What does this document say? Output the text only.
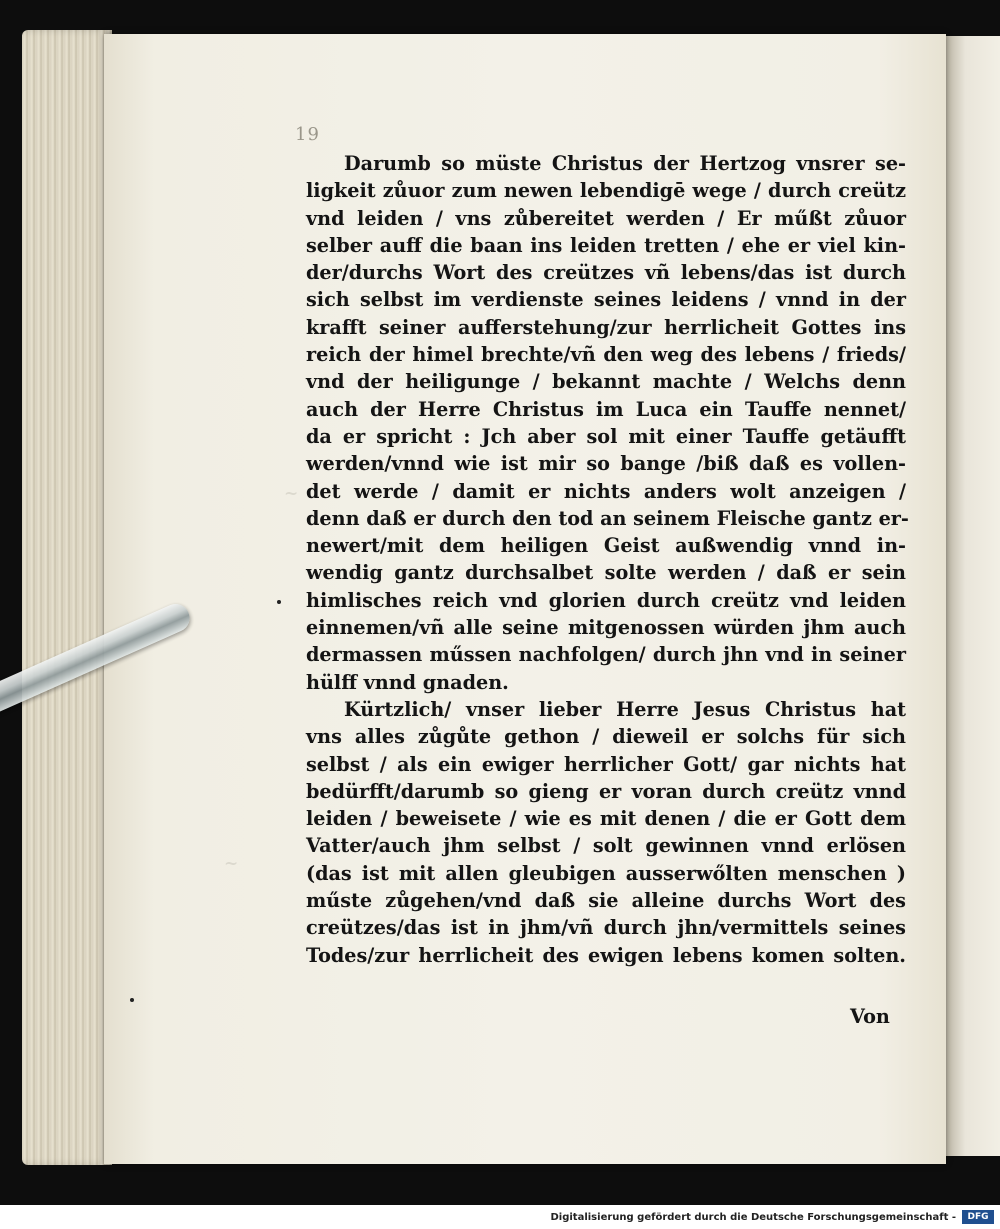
~
~
19
Darumb so müste Christus der Hertzog vnsrer se-
ligkeit zůuor zum newen lebendigē wege / durch creütz
vnd leiden / vns zůbereitet werden / Er műßt zůuor
selber auff die baan ins leiden tretten / ehe er viel kin-
der/durchs Wort des creützes vñ lebens/das ist durch
sich selbst im verdienste seines leidens / vnnd in der
krafft seiner aufferstehung/zur herrlicheit Gottes ins
reich der himel brechte/vñ den weg des lebens / frieds/
vnd der heiligunge / bekannt machte / Welchs denn
auch der Herre Christus im Luca ein Tauffe nennet/
da er spricht : Jch aber sol mit einer Tauffe getäufft
werden/vnnd wie ist mir so bange /biß daß es vollen-
det werde / damit er nichts anders wolt anzeigen /
denn daß er durch den tod an seinem Fleische gantz er-
newert/mit dem heiligen Geist außwendig vnnd in-
wendig gantz durchsalbet solte werden / daß er sein
himlisches reich vnd glorien durch creütz vnd leiden
einnemen/vñ alle seine mitgenossen würden jhm auch
dermassen műssen nachfolgen/ durch jhn vnd in seiner
hülff vnnd gnaden.
Kürtzlich/ vnser lieber Herre Jesus Christus hat
vns alles zůgůte gethon / dieweil er solchs für sich
selbst / als ein ewiger herrlicher Gott/ gar nichts hat
bedürfft/darumb so gieng er voran durch creütz vnnd
leiden / beweisete / wie es mit denen / die er Gott dem
Vatter/auch jhm selbst / solt gewinnen vnnd erlösen
(das ist mit allen gleubigen ausserwőlten menschen )
műste zůgehen/vnd daß sie alleine durchs Wort des
creützes/das ist in jhm/vñ durch jhn/vermittels seines
Todes/zur herrlicheit des ewigen lebens komen solten.
Von
Digitalisierung gefördert durch die Deutsche Forschungsgemeinschaft -	DFG
